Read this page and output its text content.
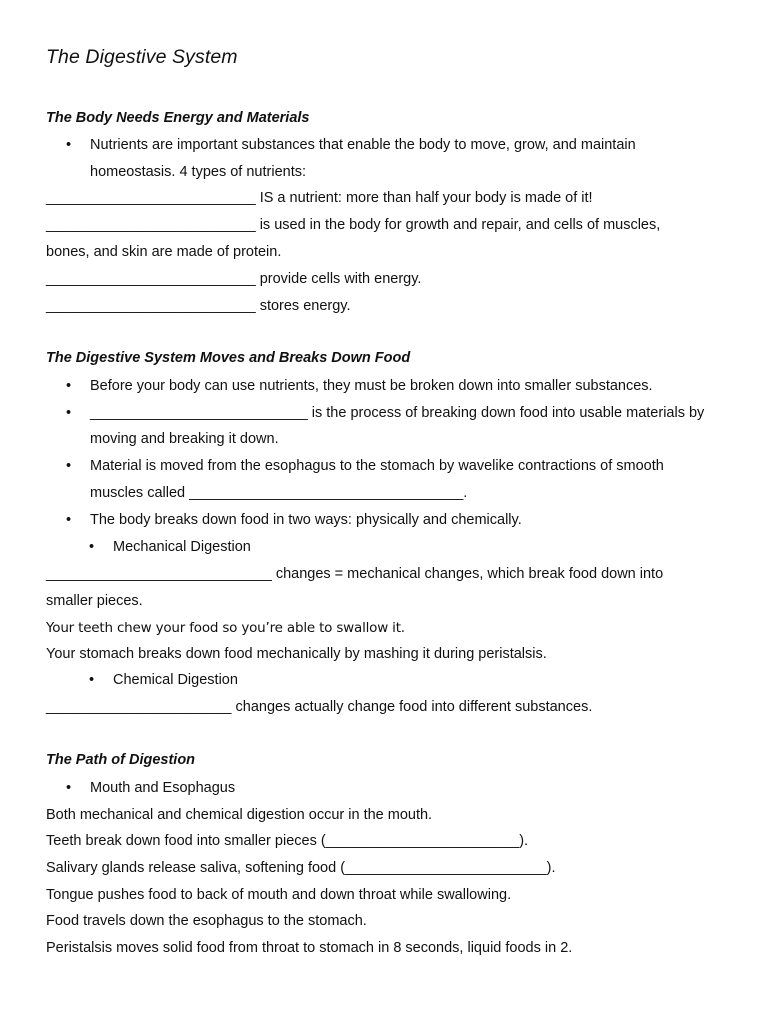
The Digestive System
The Body Needs Energy and Materials
• Nutrients are important substances that enable the body to move, grow, and maintain

homeostasis. 4 types of nutrients:

__________________________ IS a nutrient: more than half your body is made of it!

__________________________ is used in the body for growth and repair, and cells of muscles,

bones, and skin are made of protein.

__________________________ provide cells with energy.

__________________________ stores energy.

The Digestive System Moves and Breaks Down Food
• Before your body can use nutrients, they must be broken down into smaller substances.

• ___________________________ is the process of breaking down food into usable materials by

moving and breaking it down.

• Material is moved from the esophagus to the stomach by wavelike contractions of smooth

muscles called __________________________________.

• The body breaks down food in two ways: physically and chemically.

• Mechanical Digestion

____________________________ changes = mechanical changes, which break food down into

smaller pieces.

Your teeth chew your food so you’re able to swallow it.

Your stomach breaks down food mechanically by mashing it during peristalsis.

• Chemical Digestion

_______________________ changes actually change food into different substances.

The Path of Digestion
• Mouth and Esophagus

Both mechanical and chemical digestion occur in the mouth.

Teeth break down food into smaller pieces (________________________).

Salivary glands release saliva, softening food (_________________________).

Tongue pushes food to back of mouth and down throat while swallowing.

Food travels down the esophagus to the stomach.

Peristalsis moves solid food from throat to stomach in 8 seconds, liquid foods in 2.
